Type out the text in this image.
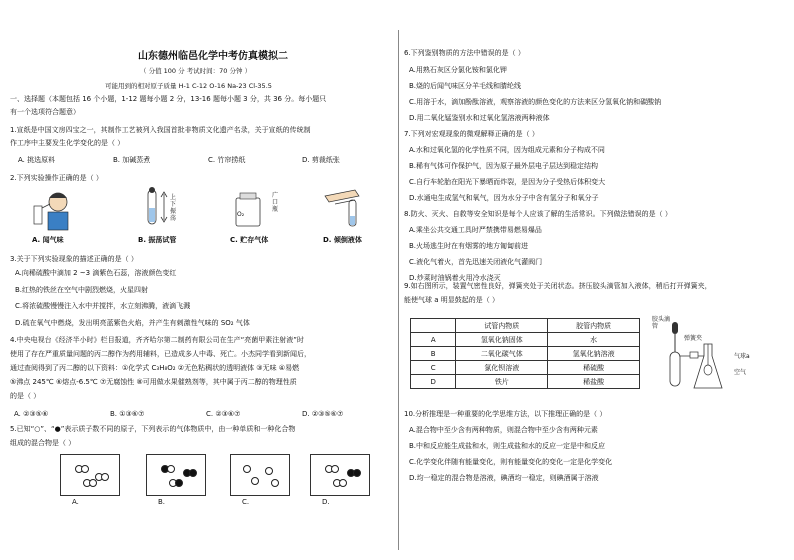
山东德州临邑化学中考仿真模拟二
（ 分值 100 分 考试时间：70 分钟 ）
可能用到的相对原子质量 H-1 C-12 O-16 Na-23 Cl-35.5
一、选择题（本题包括 16 个小题，1-12 题每小题 2 分，13-16 题每小题 3 分，共 36 分。每小题只
有一个选项符合题意）
1.宣纸是中国文房四宝之一，其制作工艺被列入我国首批非物质文化遗产名录，关于宣纸的传统制
作工序中主要发生化学变化的是（ ）
A. 挑选原料	B. 加碱蒸煮	C. 竹帘捞纸	D. 剪裁纸张
2.下列实验操作正确的是（ ）
上下振荡
O₂
广口瓶
A. 闻气味	B. 振荡试管	C. 贮存气体	D. 倾倒液体
3.关于下列实验现象的描述正确的是（ ）
A.向稀硫酸中滴加 2 ~3 滴紫色石蕊，溶液颜色变红
B.红热的铁丝在空气中剧烈燃烧，火星四射
C.将浓硫酸慢慢注入水中并搅拌，水立刻沸腾，液滴飞溅
D.硫在氧气中燃烧，发出明亮蓝紫色火焰，并产生有刺激性气味的 SO₂ 气体
4.中央电视台《经济半小时》栏目报道，齐齐哈尔第二制药有限公司在生产“亮菌甲素注射液”时
使用了存在严重质量问题的丙二醇作为药用辅料，已造成多人中毒、死亡。小杰同学看到新闻后，
通过查阅得到了丙二醇的以下资料：①化学式 C₃H₈O₂ ②无色粘稠状的透明液体 ③无味 ④易燃
⑤沸点 245℃ ⑥熔点-6.5℃ ⑦无腐蚀性 ⑧可用做水果催熟剂等，其中属于丙二醇的物理性质
的是（ ）
A. ②③⑤⑥	B. ①③⑥⑦	C. ②③⑥⑦	D. ②③⑤⑥⑦
5.已知“○”、“●”表示质子数不同的原子，下列表示的气体物质中，由一种单质和一种化合物
组成的混合物是（ ）
A.	B.	C.	D.
6.下列鉴别物质的方法中错误的是（ ）
A.用熟石灰区分氯化铵和氯化钾
B.烧的后闻气味区分羊毛线和腈纶线
C.用溶于水，滴加酚酞溶液，观察溶液的颜色变化的方法来区分氢氧化钠和碳酸钠
D.用二氧化锰鉴别水和过氧化氢溶液两种液体
7.下列对宏观现象的微观解释正确的是（ ）
A.水和过氧化氢的化学性质不同，因为组成元素和分子构成不同
B.稀有气体可作保护气，因为原子最外层电子层达到稳定结构
C.自行车轮胎在阳光下暴晒而炸裂，是因为分子受热后体积变大
D.水通电生成氢气和氧气，因为水分子中含有氢分子和氧分子
8.防火、灭火、自救等安全知识是每个人应该了解的生活常识。下列做法错误的是（ ）
A.乘坐公共交通工具时严禁携带易燃易爆品
B.火场逃生时在有烟雾的地方匍匐前进
C.液化气着火，首先迅速关闭液化气灌阀门
D.炒菜时油锅着火用冷水浇灭
9.如右图所示，装置气密性良好，弹簧夹处于关闭状态。挤压胶头滴管加入液体，稍后打开弹簧夹，
能使气球 a 明显鼓起的是（ ）
	试管内物质	胶管内物质
A	氢氧化钠固体	水
B	二氧化碳气体	氢氧化钠溶液
C	氯化钡溶液	稀硫酸
D	铁片	稀盐酸
胶头滴管
弹簧夹
气球a
空气
10.分析推理是一种重要的化学思维方法，以下推理正确的是（ ）
A.混合物中至少含有两种物质，则混合物中至少含有两种元素
B.中和反应能生成盐和水，则生成盐和水的反应一定是中和反应
C.化学变化伴随有能量变化，则有能量变化的变化一定是化学变化
D.均一稳定的混合物是溶液，碘酒均一稳定，则碘酒属于溶液
